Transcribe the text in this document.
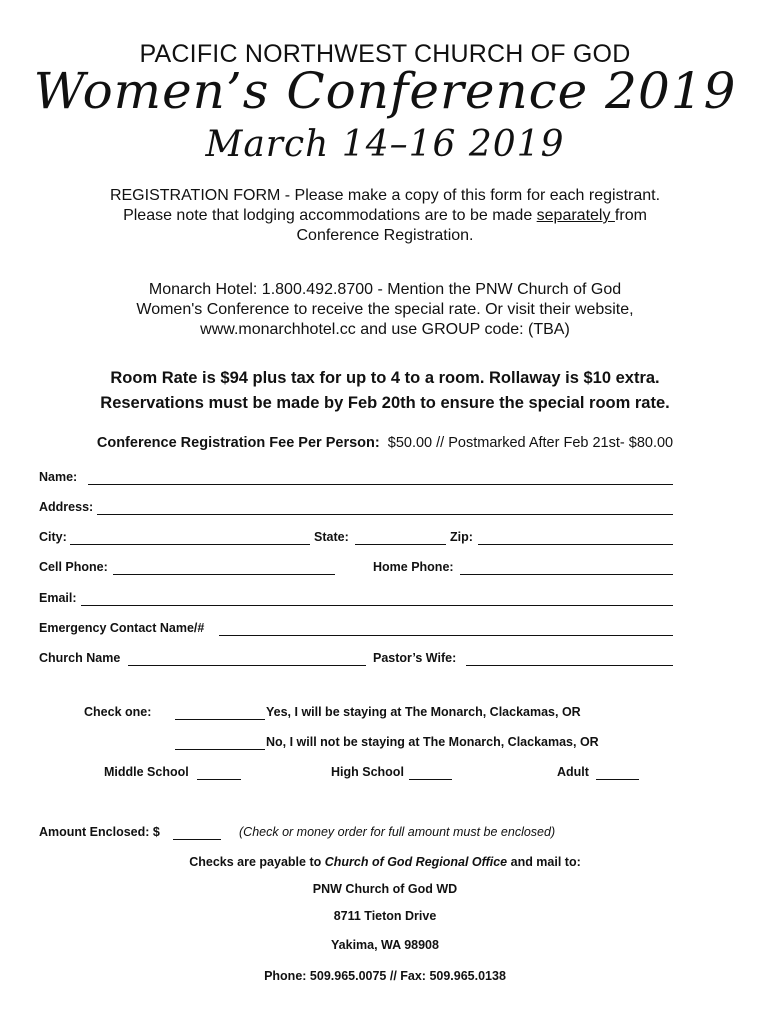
PACIFIC NORTHWEST CHURCH OF GOD
Women’s Conference 2019
March 14–16 2019
REGISTRATION FORM - Please make a copy of this form for each registrant.
Please note that lodging accommodations are to be made separately from
Conference Registration.
Monarch Hotel: 1.800.492.8700 - Mention the PNW Church of God
Women's Conference to receive the special rate. Or visit their website,
www.monarchhotel.cc and use GROUP code: (TBA)
Room Rate is $94 plus tax for up to 4 to a room. Rollaway is $10 extra.
Reservations must be made by Feb 20th to ensure the special room rate.
Conference Registration Fee Per Person: $50.00 // Postmarked After Feb 21st- $80.00
Name:
Address:
City:	State:	Zip:
Cell Phone:	Home Phone:
Email:
Emergency Contact Name/#
Church Name	Pastor’s Wife:
Check one:	Yes, I will be staying at The Monarch, Clackamas, OR
No, I will not be staying at The Monarch, Clackamas, OR
Middle School	High School	Adult
Amount Enclosed: $	(Check or money order for full amount must be enclosed)
Checks are payable to Church of God Regional Office and mail to:
PNW Church of God WD
8711 Tieton Drive
Yakima, WA 98908
Phone: 509.965.0075 // Fax: 509.965.0138
